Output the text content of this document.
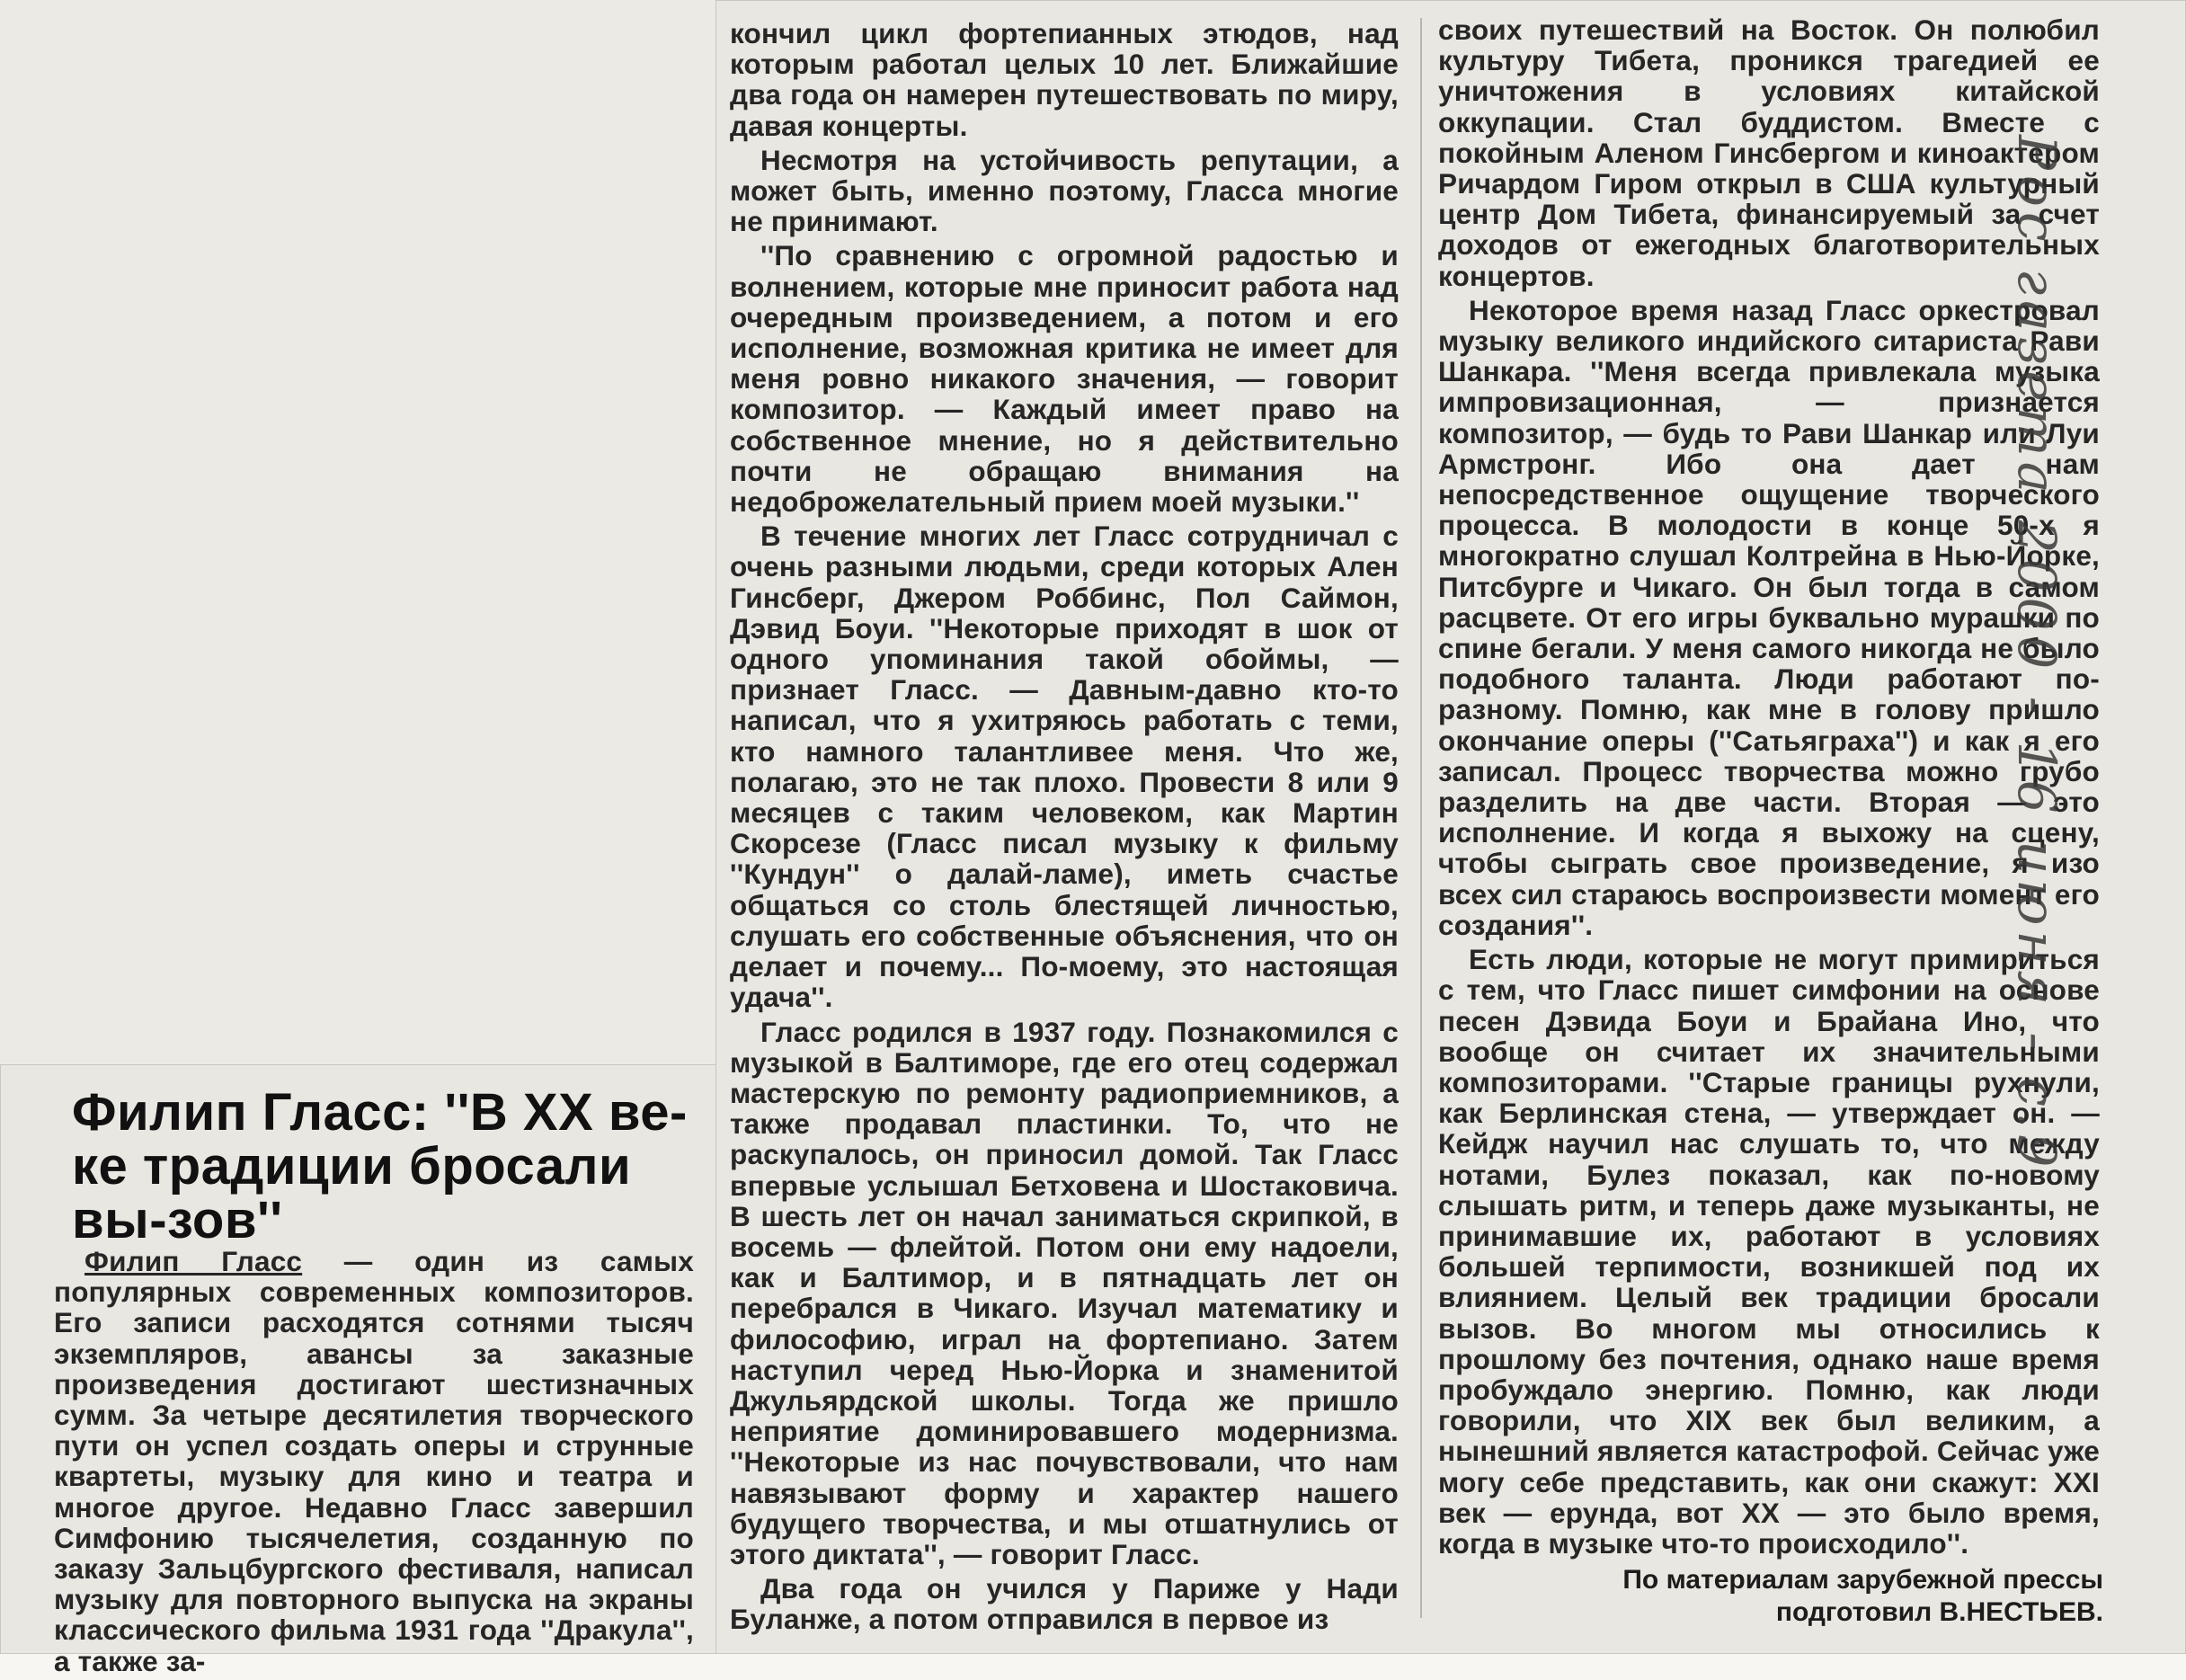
Филип Гласс: ''В XX ве-ке традиции бросали вы-зов''

Филип Гласс — один из самых популярных современных композиторов. Его записи расходятся сотнями тысяч экземпляров, авансы за заказные произведения достигают шестизначных сумм. За четыре десятилетия творческого пути он успел создать оперы и струнные квартеты, музыку для кино и театра и многое другое. Недавно Гласс завершил Симфонию тысячелетия, созданную по заказу Зальцбургского фестиваля, написал музыку для повторного выпуска на экраны классического фильма 1931 года ''Дракула'', а также за-

кончил цикл фортепианных этюдов, над которым работал целых 10 лет. Ближайшие два года он намерен путешествовать по миру, давая концерты.

Несмотря на устойчивость репутации, а может быть, именно поэтому, Гласса многие не принимают.

''По сравнению с огромной радостью и волнением, которые мне приносит работа над очередным произведением, а потом и его исполнение, возможная критика не имеет для меня ровно никакого значения, — говорит композитор. — Каждый имеет право на собственное мнение, но я действительно почти не обращаю внимания на недоброжелательный прием моей музыки.''

В течение многих лет Гласс сотрудничал с очень разными людьми, среди которых Ален Гинсберг, Джером Роббинс, Пол Саймон, Дэвид Боуи. ''Некоторые приходят в шок от одного упоминания такой обоймы, — признает Гласс. — Давным-давно кто-то написал, что я ухитряюсь работать с теми, кто намного талантливее меня. Что же, полагаю, это не так плохо. Провести 8 или 9 месяцев с таким человеком, как Мартин Скорсезе (Гласс писал музыку к фильму ''Кундун'' о далай-ламе), иметь счастье общаться со столь блестящей личностью, слушать его собственные объяснения, что он делает и почему... По-моему, это настоящая удача''.

Гласс родился в 1937 году. Познакомился с музыкой в Балтиморе, где его отец содержал мастерскую по ремонту радиоприемников, а также продавал пластинки. То, что не раскупалось, он приносил домой. Так Гласс впервые услышал Бетховена и Шостаковича. В шесть лет он начал заниматься скрипкой, в восемь — флейтой. Потом они ему надоели, как и Балтимор, и в пятнадцать лет он перебрался в Чикаго. Изучал математику и философию, играл на фортепиано. Затем наступил черед Нью-Йорка и знаменитой Джульярдской школы. Тогда же пришло неприятие доминировавшего модернизма. ''Некоторые из нас почувствовали, что нам навязывают форму и характер нашего будущего творчества, и мы отшатнулись от этого диктата'', — говорит Гласс.

Два года он учился у Париже у Нади Буланже, а потом отправился в первое из

своих путешествий на Восток. Он полюбил культуру Тибета, проникся трагедией ее уничтожения в условиях китайской оккупации. Стал буддистом. Вместе с покойным Аленом Гинсбергом и киноактером Ричардом Гиром открыл в США культурный центр Дом Тибета, финансируемый за счет доходов от ежегодных благотворительных концертов.

Некоторое время назад Гласс оркестровал музыку великого индийского ситариста Рави Шанкара. ''Меня всегда привлекала музыка импровизационная, — признается композитор, — будь то Рави Шанкар или Луи Армстронг. Ибо она дает нам непосредственное ощущение творческого процесса. В молодости в конце 50-х я многократно слушал Колтрейна в Нью-Йорке, Питсбурге и Чикаго. Он был тогда в самом расцвете. От его игры буквально мурашки по спине бегали. У меня самого никогда не было подобного таланта. Люди работают по-разному. Помню, как мне в голову пришло окончание оперы (''Сатьяграха'') и как я его записал. Процесс творчества можно грубо разделить на две части. Вторая — это исполнение. И когда я выхожу на сцену, чтобы сыграть свое произведение, я изо всех сил стараюсь воспроизвести момент его создания''.

Есть люди, которые не могут примириться с тем, что Гласс пишет симфонии на основе песен Дэвида Боуи и Брайана Ино, что вообще он считает их значительными композиторами. ''Старые границы рухнули, как Берлинская стена, — утверждает он. — Кейдж научил нас слушать то, что между нотами, Булез показал, как по-новому слышать ритм, и теперь даже музыканты, не принимавшие их, работают в условиях большей терпимости, возникшей под их влиянием. Целый век традиции бросали вызов. Во многом мы относились к прошлому без почтения, однако наше время пробуждало энергию. Помню, как люди говорили, что XIX век был великим, а нынешний является катастрофой. Сейчас уже могу себе представить, как они скажут: XXI век — ерунда, вот XX — это было время, когда в музыке что-то происходило''.

По материалам зарубежной прессы подготовил В.НЕСТЬЕВ.
Рос газета 2000 - 16 июня - с.9
